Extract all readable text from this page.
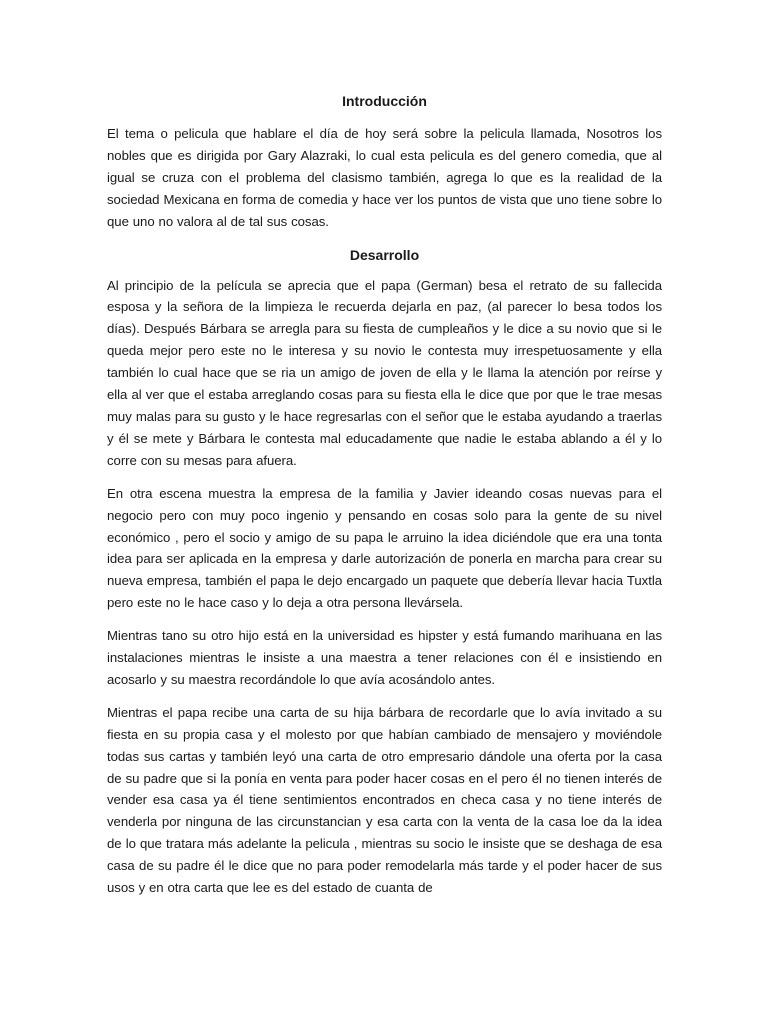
Introducción

El tema o pelicula que hablare el día de hoy será sobre la pelicula llamada, Nosotros los nobles que es dirigida por Gary Alazraki, lo cual esta pelicula es del genero comedia, que al igual se cruza con el problema del clasismo también, agrega lo que es la realidad de la sociedad Mexicana en forma de comedia y hace ver los puntos de vista que uno tiene sobre lo que uno no valora al de tal sus cosas.

Desarrollo

Al principio de la película se aprecia que el papa (German) besa el retrato de su fallecida esposa y la señora de la limpieza le recuerda dejarla en paz, (al parecer lo besa todos los días). Después Bárbara se arregla para su fiesta de cumpleaños y le dice a su novio que si le queda mejor pero este no le interesa y su novio le contesta muy irrespetuosamente y ella también lo cual hace que se ria un amigo de joven de ella y le llama la atención por reírse y ella al ver que el estaba arreglando cosas para su fiesta ella le dice que por que le trae mesas muy malas para su gusto y le hace regresarlas con el señor que le estaba ayudando a traerlas y él se mete y Bárbara le contesta mal educadamente que nadie le estaba ablando a él y lo corre con su mesas para afuera.

En otra escena muestra la empresa de la familia y Javier ideando cosas nuevas para el negocio pero con muy poco ingenio y pensando en cosas solo para la gente de su nivel económico , pero el socio y amigo de su papa le arruino la idea diciéndole que era una tonta idea para ser aplicada en la empresa y darle autorización de ponerla en marcha para crear su nueva empresa, también el papa le dejo encargado un paquete que debería llevar hacia Tuxtla pero este no le hace caso y lo deja a otra persona llevársela.

Mientras tano su otro hijo está en la universidad es hipster y está fumando marihuana en las instalaciones mientras le insiste a una maestra a tener relaciones con él e insistiendo en acosarlo y su maestra recordándole lo que avía acosándolo antes.

Mientras el papa recibe una carta de su hija bárbara de recordarle que lo avía invitado a su fiesta en su propia casa y el molesto por que habían cambiado de mensajero y moviéndole todas sus cartas y también leyó una carta de otro empresario dándole una oferta por la casa de su padre que si la ponía en venta para poder hacer cosas en el pero él no tienen interés de vender esa casa ya él tiene sentimientos encontrados en checa casa y no tiene interés de venderla por ninguna de las circunstancian y esa carta con la venta de la casa loe da la idea de lo que tratara más adelante la pelicula , mientras su socio le insiste que se deshaga de esa casa de su padre él le dice que no para poder remodelarla más tarde y el poder hacer de sus usos y en otra carta que lee es del estado de cuanta de
